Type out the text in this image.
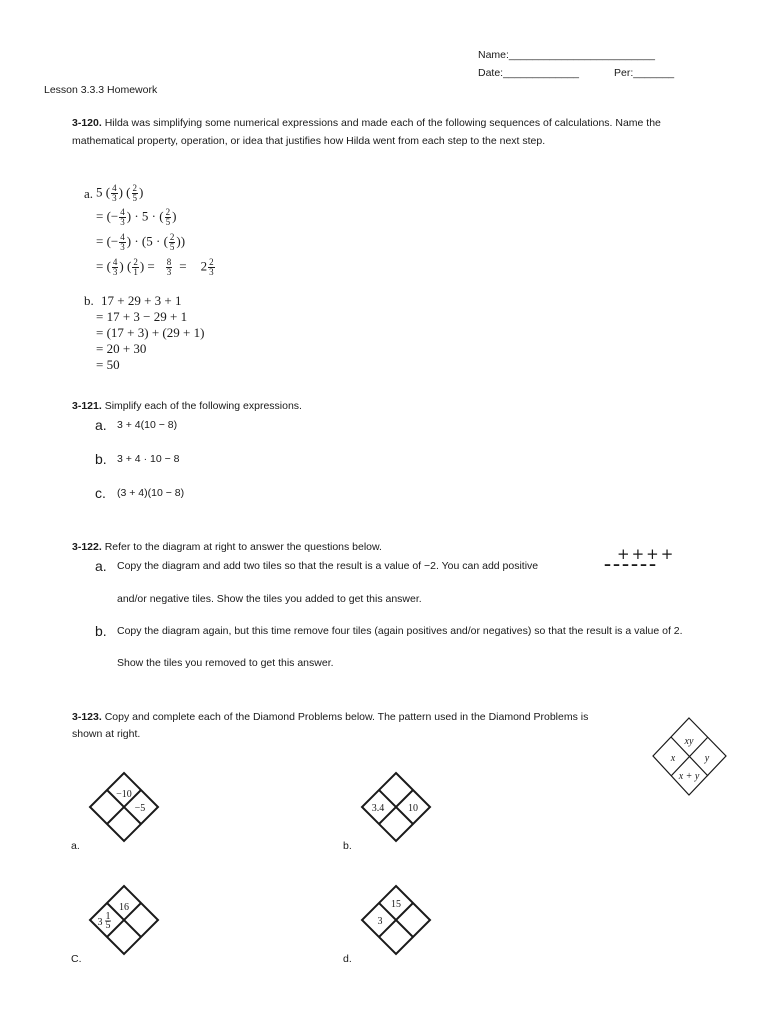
Name:_________________________
Date:_____________	Per:_______
Lesson 3.3.3 Homework
3-120. Hilda was simplifying some numerical expressions and made each of the following sequences of calculations. Name the
mathematical property, operation, or idea that justifies how Hilda went from each step to the next step.
a. 5 ( $\frac{4}{3}$ ) ( $\frac{2}{5}$ )
= (− $\frac{4}{3}$ ) · 5 · ( $\frac{2}{5}$ )
= (− $\frac{4}{3}$ ) · (5 · ( $\frac{2}{5}$ ))
= ( $\frac{4}{3}$ ) ( $\frac{2}{1}$ ) = $\frac{8}{3} = 2 \frac{2}{3}$
b. 17 + 29 + 3 + 1
= 17 + 3 − 29 + 1
= (17 + 3) + (29 + 1)
= 20 + 30
= 50
3-121. Simplify each of the following expressions.
a. 3 + 4(10 − 8)
b. 3 + 4 · 10 − 8
c. (3 + 4)(10 − 8)
3-122. Refer to the diagram at right to answer the questions below.
a. Copy the diagram and add two tiles so that the result is a value of −2. You can add positive
and/or negative tiles. Show the tiles you added to get this answer.
b. Copy the diagram again, but this time remove four tiles (again positives and/or negatives) so that the result is a value of 2.
Show the tiles you removed to get this answer.
++++
––––––
3-123. Copy and complete each of the Diamond Problems below. The pattern used in the Diamond Problems is
shown at right.
xy
x	y
x + y
−10
−5
a.
3.4 10
b.
16
3
1
5
C.
15
3
d.
